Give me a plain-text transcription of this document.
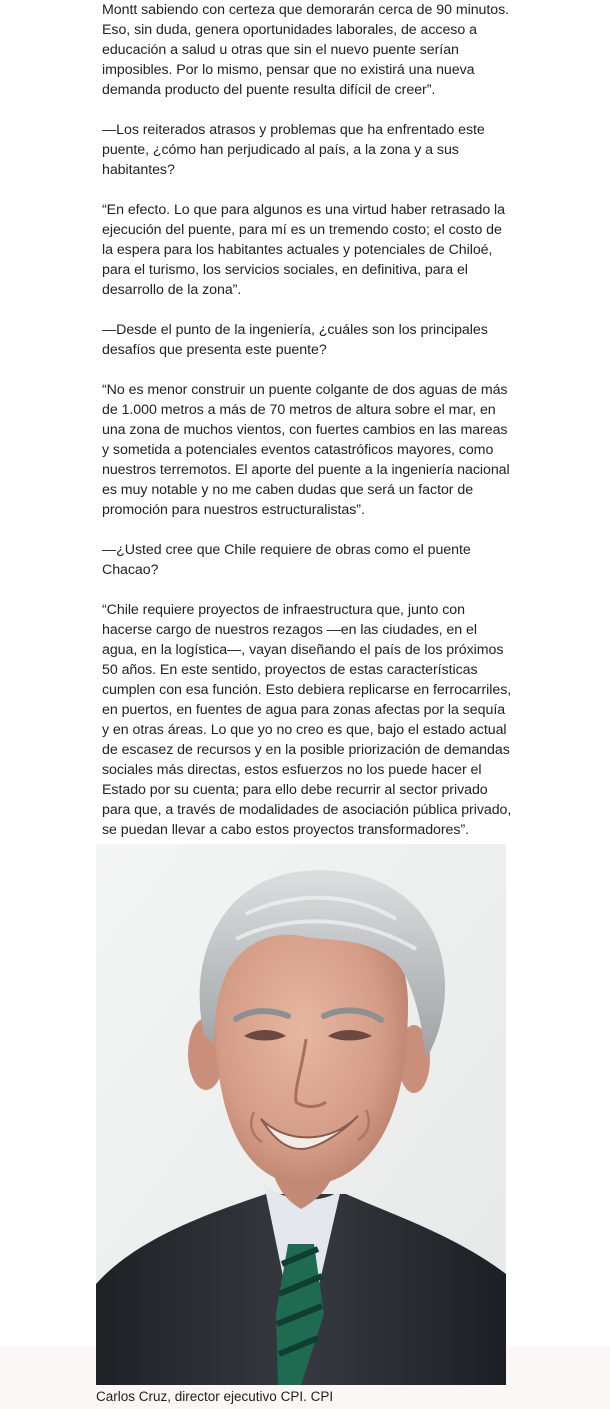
Montt sabiendo con certeza que demorarán cerca de 90 minutos.
Eso, sin duda, genera oportunidades laborales, de acceso a
educación a salud u otras que sin el nuevo puente serían
imposibles. Por lo mismo, pensar que no existirá una nueva
demanda producto del puente resulta difícil de creer”.

—Los reiterados atrasos y problemas que ha enfrentado este
puente, ¿cómo han perjudicado al país, a la zona y a sus
habitantes?

“En efecto. Lo que para algunos es una virtud haber retrasado la
ejecución del puente, para mí es un tremendo costo; el costo de
la espera para los habitantes actuales y potenciales de Chiloé,
para el turismo, los servicios sociales, en definitiva, para el
desarrollo de la zona”.

—Desde el punto de la ingeniería, ¿cuáles son los principales
desafíos que presenta este puente?

“No es menor construir un puente colgante de dos aguas de más
de 1.000 metros a más de 70 metros de altura sobre el mar, en
una zona de muchos vientos, con fuertes cambios en las mareas
y sometida a potenciales eventos catastróficos mayores, como
nuestros terremotos. El aporte del puente a la ingeniería nacional
es muy notable y no me caben dudas que será un factor de
promoción para nuestros estructuralistas”.

—¿Usted cree que Chile requiere de obras como el puente
Chacao?

“Chile requiere proyectos de infraestructura que, junto con
hacerse cargo de nuestros rezagos —en las ciudades, en el
agua, en la logística—, vayan diseñando el país de los próximos
50 años. En este sentido, proyectos de estas características
cumplen con esa función. Esto debiera replicarse en ferrocarriles,
en puertos, en fuentes de agua para zonas afectas por la sequía
y en otras áreas. Lo que yo no creo es que, bajo el estado actual
de escasez de recursos y en la posible priorización de demandas
sociales más directas, estos esfuerzos no los puede hacer el
Estado por su cuenta; para ello debe recurrir al sector privado
para que, a través de modalidades de asociación pública privado,
se puedan llevar a cabo estos proyectos transformadores”.

Carlos Cruz, director ejecutivo CPI. CPI
